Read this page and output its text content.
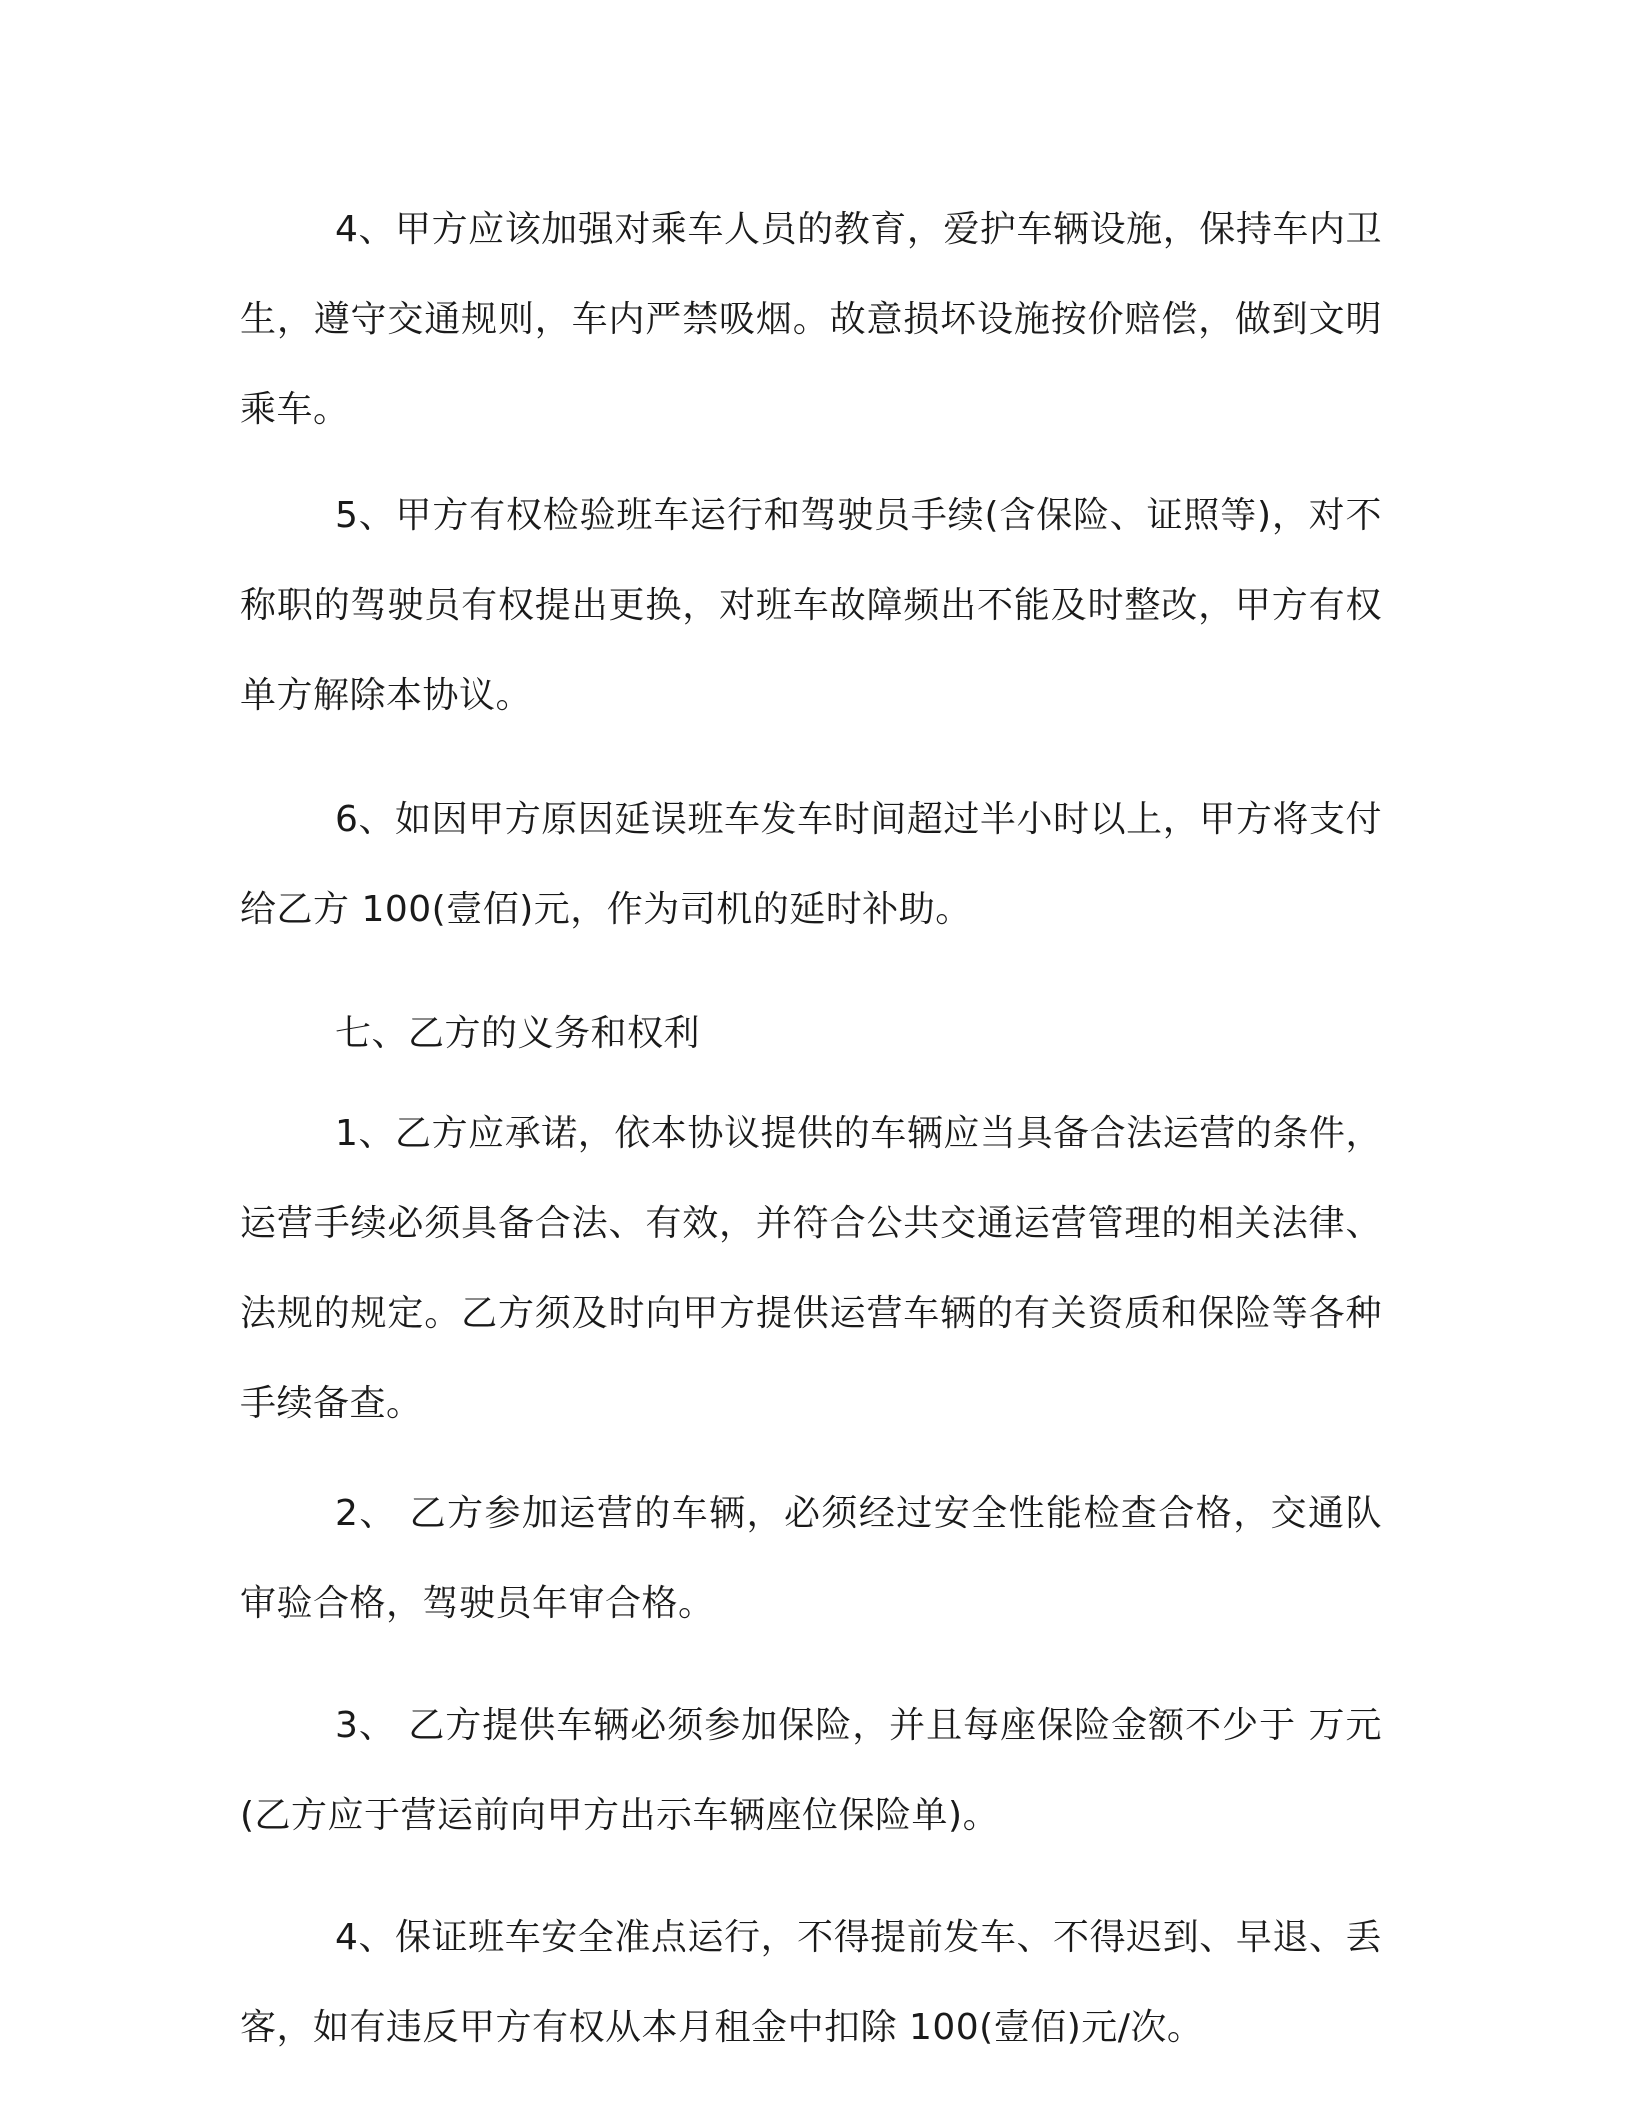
4、甲方应该加强对乘车人员的教育，爱护车辆设施，保持车内卫生，遵守交通规则，车内严禁吸烟。故意损坏设施按价赔偿，做到文明乘车。

5、甲方有权检验班车运行和驾驶员手续(含保险、证照等)，对不称职的驾驶员有权提出更换，对班车故障频出不能及时整改，甲方有权单方解除本协议。

6、如因甲方原因延误班车发车时间超过半小时以上，甲方将支付给乙方 100(壹佰)元，作为司机的延时补助。

七、乙方的义务和权利

1、乙方应承诺，依本协议提供的车辆应当具备合法运营的条件，运营手续必须具备合法、有效，并符合公共交通运营管理的相关法律、法规的规定。乙方须及时向甲方提供运营车辆的有关资质和保险等各种手续备查。

2、 乙方参加运营的车辆，必须经过安全性能检查合格，交通队审验合格，驾驶员年审合格。

3、 乙方提供车辆必须参加保险，并且每座保险金额不少于 万元(乙方应于营运前向甲方出示车辆座位保险单)。

4、保证班车安全准点运行，不得提前发车、不得迟到、早退、丢客，如有违反甲方有权从本月租金中扣除 100(壹佰)元/次。
